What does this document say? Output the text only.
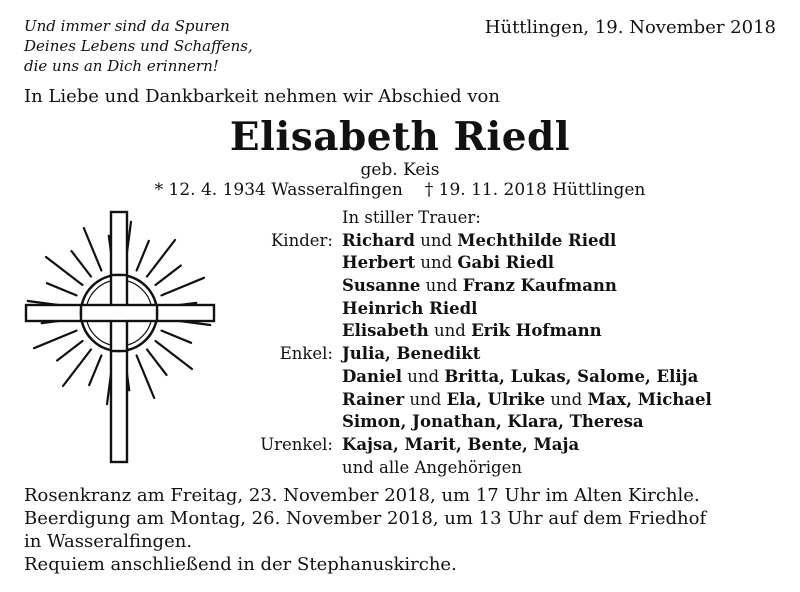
Und immer sind da Spuren
Deines Lebens und Schaffens,
die uns an Dich erinnern!
Hüttlingen, 19. November 2018
In Liebe und Dankbarkeit nehmen wir Abschied von
Elisabeth Riedl
geb. Keis
* 12. 4. 1934 Wasseralfingen † 19. 11. 2018 Hüttlingen
In stiller Trauer:
Kinder: Richard und Mechthilde Riedl
Herbert und Gabi Riedl
Susanne und Franz Kaufmann
Heinrich Riedl
Elisabeth und Erik Hofmann
Enkel: Julia, Benedikt
Daniel und Britta, Lukas, Salome, Elija
Rainer und Ela, Ulrike und Max, Michael
Simon, Jonathan, Klara, Theresa
Urenkel: Kajsa, Marit, Bente, Maja
und alle Angehörigen
Rosenkranz am Freitag, 23. November 2018, um 17 Uhr im Alten Kirchle.
Beerdigung am Montag, 26. November 2018, um 13 Uhr auf dem Friedhof
in Wasseralfingen.
Requiem anschließend in der Stephanuskirche.
